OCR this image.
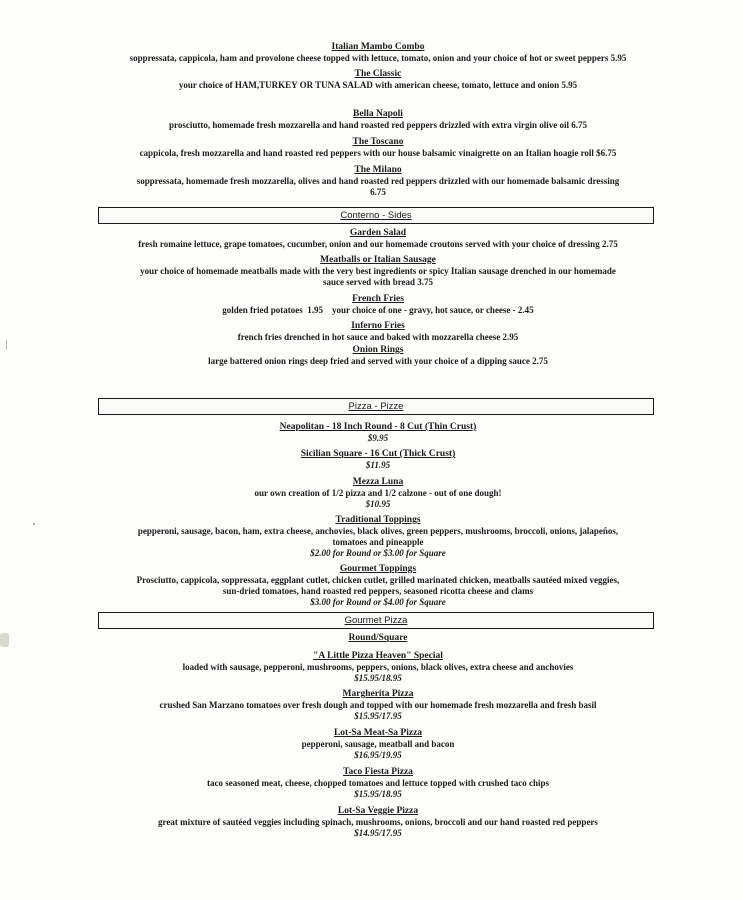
Italian Mambo Combo
soppressata, cappicola, ham and provolone cheese topped with lettuce, tomato, onion and your choice of hot or sweet peppers 5.95
The Classic
your choice of HAM,TURKEY OR TUNA SALAD with american cheese, tomato, lettuce and onion 5.95
Bella Napoli
prosciutto, homemade fresh mozzarella and hand roasted red peppers drizzled with extra virgin olive oil 6.75
The Toscano
cappicola, fresh mozzarella and hand roasted red peppers with our house balsamic vinaigrette on an Italian hoagie roll $6.75
The Milano
soppressata, homemade fresh mozzarella, olives and hand roasted red peppers drizzled with our homemade balsamic dressing
6.75
Conterno - Sides
Garden Salad
fresh romaine lettuce, grape tomatoes, cucumber, onion and our homemade croutons served with your choice of dressing 2.75
Meatballs or Italian Sausage
your choice of homemade meatballs made with the very best ingredients or spicy Italian sausage drenched in our homemade
sauce served with bread 3.75
French Fries
golden fried potatoes  1.95    your choice of one - gravy, hot sauce, or cheese - 2.45
Inferno Fries
french fries drenched in hot sauce and baked with mozzarella cheese 2.95
Onion Rings
large battered onion rings deep fried and served with your choice of a dipping sauce 2.75
Pizza - Pizze
Neapolitan - 18 Inch Round - 8 Cut (Thin Crust)
$9.95
Sicilian Square - 16 Cut (Thick Crust)
$11.95
Mezza Luna
our own creation of 1/2 pizza and 1/2 calzone - out of one dough!
$10.95
Traditional Toppings
pepperoni, sausage, bacon, ham, extra cheese, anchovies, black olives, green peppers, mushrooms, broccoli, onions, jalapeños,
tomatoes and pineapple
$2.00 for Round or $3.00 for Square
Gourmet Toppings
Prosciutto, cappicola, soppressata, eggplant cutlet, chicken cutlet, grilled marinated chicken, meatballs sautéed mixed veggies,
sun-dried tomatoes, hand roasted red peppers, seasoned ricotta cheese and clams
$3.00 for Round or $4.00 for Square
Gourmet Pizza
Round/Square
"A Little Pizza Heaven" Special
loaded with sausage, pepperoni, mushrooms, peppers, onions, black olives, extra cheese and anchovies
$15.95/18.95
Margherita Pizza
crushed San Marzano tomatoes over fresh dough and topped with our homemade fresh mozzarella and fresh basil
$15.95/17.95
Lot-Sa Meat-Sa Pizza
pepperoni, sausage, meatball and bacon
$16.95/19.95
Taco Fiesta Pizza
taco seasoned meat, cheese, chopped tomatoes and lettuce topped with crushed taco chips
$15.95/18.95
Lot-Sa Veggie Pizza
great mixture of sautéed veggies including spinach, mushrooms, onions, broccoli and our hand roasted red peppers
$14.95/17.95
